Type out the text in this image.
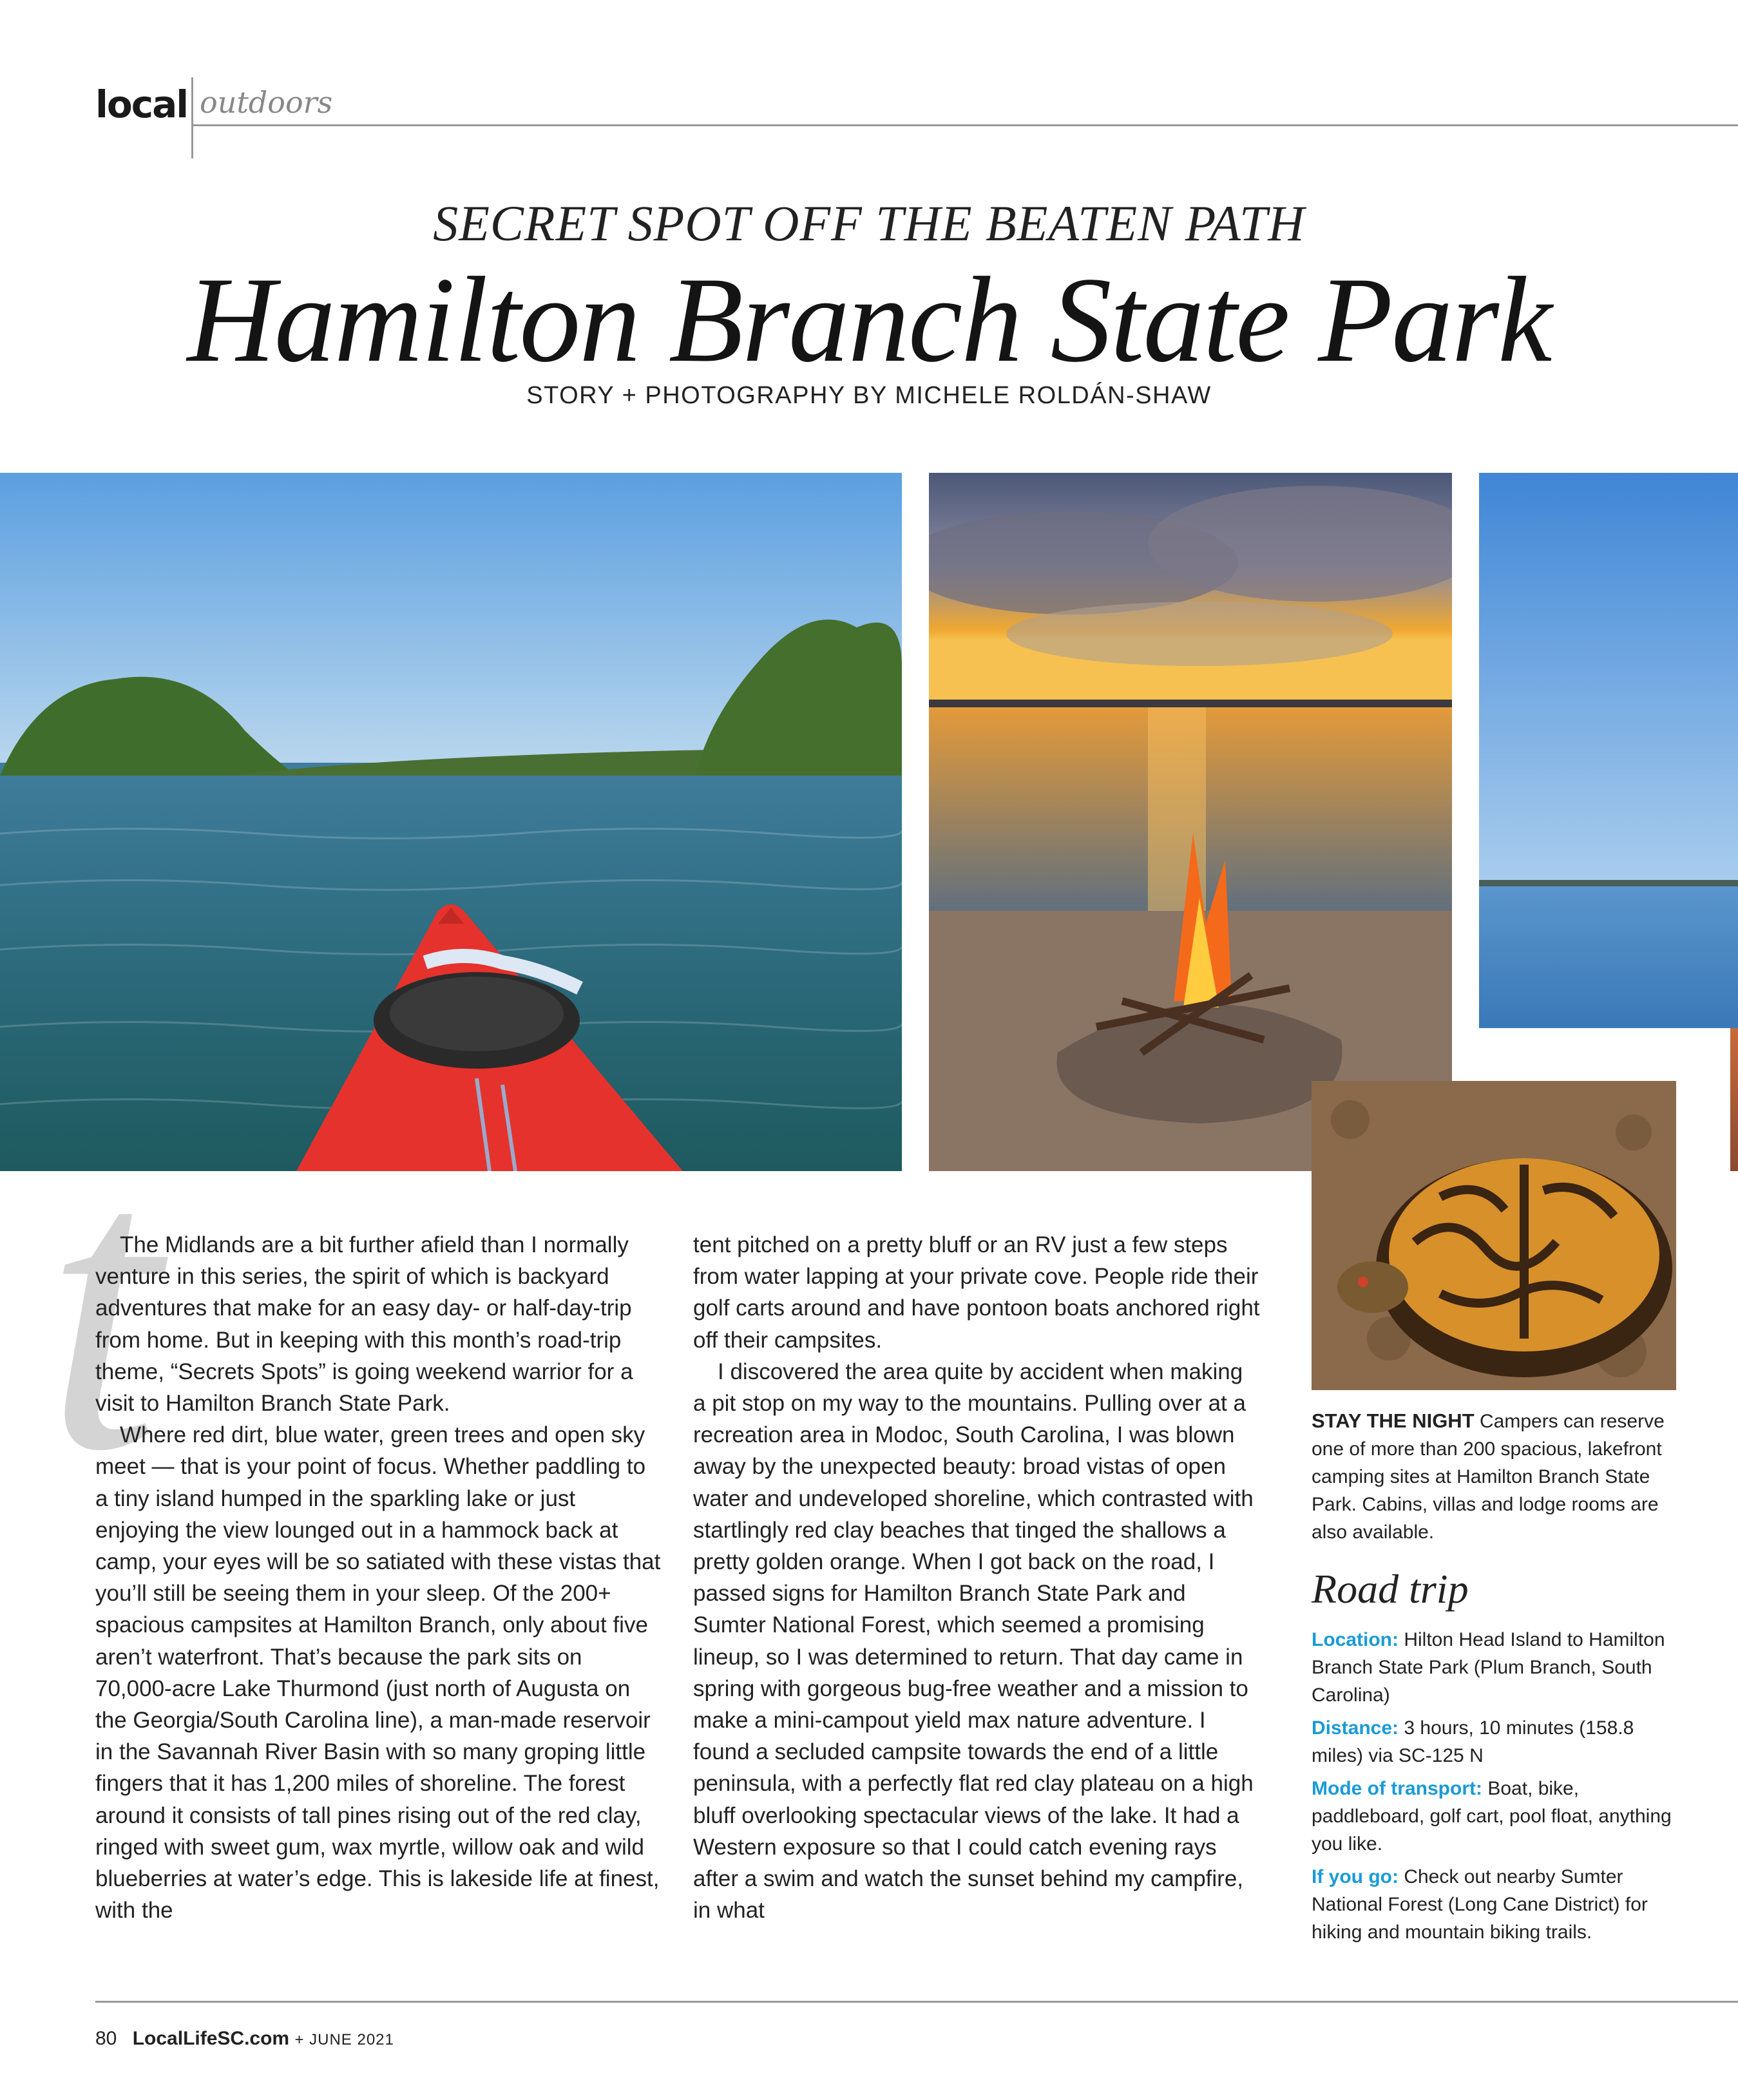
local outdoors
SECRET SPOT OFF THE BEATEN PATH
Hamilton Branch State Park
STORY + PHOTOGRAPHY BY MICHELE ROLDÁN-SHAW
t

The Midlands are a bit further afield than I normally venture in this series, the spirit of which is backyard adventures that make for an easy day- or half-day-trip from home. But in keeping with this month’s road-trip theme, “Secrets Spots” is going weekend warrior for a visit to Hamilton Branch State Park.

Where red dirt, blue water, green trees and open sky meet — that is your point of focus. Whether paddling to a tiny island humped in the sparkling lake or just enjoying the view lounged out in a hammock back at camp, your eyes will be so satiated with these vistas that you’ll still be seeing them in your sleep. Of the 200+ spacious campsites at Hamilton Branch, only about five aren’t waterfront. That’s because the park sits on 70,000-acre Lake Thurmond (just north of Augusta on the Georgia/South Carolina line), a man-made reservoir in the Savannah River Basin with so many groping little fingers that it has 1,200 miles of shoreline. The forest around it consists of tall pines rising out of the red clay, ringed with sweet gum, wax myrtle, willow oak and wild blueberries at water’s edge. This is lakeside life at finest, with the

tent pitched on a pretty bluff or an RV just a few steps from water lapping at your private cove. People ride their golf carts around and have pontoon boats anchored right off their campsites.

I discovered the area quite by accident when making a pit stop on my way to the mountains. Pulling over at a recreation area in Modoc, South Carolina, I was blown away by the unexpected beauty: broad vistas of open water and undeveloped shoreline, which contrasted with startlingly red clay beaches that tinged the shallows a pretty golden orange. When I got back on the road, I passed signs for Hamilton Branch State Park and Sumter National Forest, which seemed a promising lineup, so I was determined to return. That day came in spring with gorgeous bug-free weather and a mission to make a mini-campout yield max nature adventure. I found a secluded campsite towards the end of a little peninsula, with a perfectly flat red clay plateau on a high bluff overlooking spectacular views of the lake. It had a Western exposure so that I could catch evening rays after a swim and watch the sunset behind my campfire, in what

STAY THE NIGHT Campers can reserve one of more than 200 spacious, lakefront camping sites at Hamilton Branch State Park. Cabins, villas and lodge rooms are also available.
Road trip
Location: Hilton Head Island to Hamilton Branch State Park (Plum Branch, South Carolina)
Distance: 3 hours, 10 minutes (158.8 miles) via SC-125 N
Mode of transport: Boat, bike, paddleboard, golf cart, pool float, anything you like.
If you go: Check out nearby Sumter National Forest (Long Cane District) for hiking and mountain biking trails.
80 LocalLifeSC.com + JUNE 2021
